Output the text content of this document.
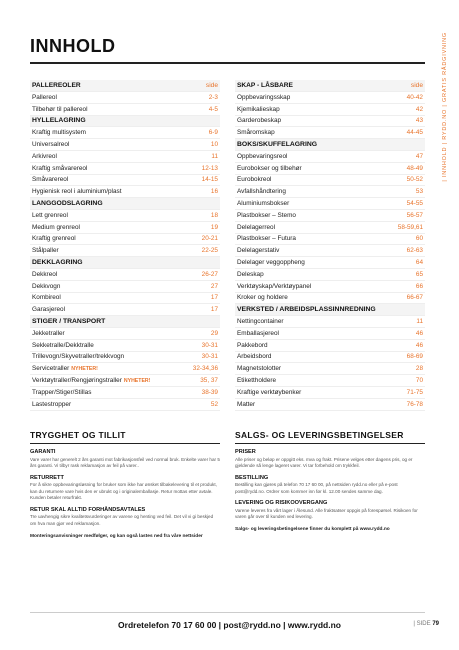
INNHOLD	| INNHOLD | RYDD.NO | GRATIS RÅDGIVNING
PALLEREOLER	side
Pallereol	2-3
Tilbehør til pallereol	4-5
HYLLELAGRING
Kraftig multisystem	6-9
Universalreol	10
Arkivreol	11
Kraftig småvarereol	12-13
Småvarereol	14-15
Hygienisk reol i aluminium/plast	16
LANGGODSLAGRING
Lett grenreol	18
Medium grenreol	19
Kraftig grenreol	20-21
Stålpaller	22-25
DEKKLAGRING
Dekkreol	26-27
Dekkvogn	27
Kombireol	17
Garasjereol	17
STIGER / TRANSPORT
Jekketraller	29
Sekketralle/Dekktralle	30-31
Trillevogn/Skyvetraller/trekkvogn	30-31
Servicetraller NYHETER!	32-34,36
Verktøytraller/Rengjøringstraller NYHETER!	35, 37
Trapper/Stiger/Stillas	38-39
Lastestropper	52
SKAP - LÅSBARE	side
Oppbevaringsskap	40-42
Kjemikalieskap	42
Garderobeskap	43
Småromskap	44-45
BOKS/SKUFFELAGRING
Oppbevaringsreol	47
Eurobokser og tilbehør	48-49
Eurobokreol	50-52
Avfallshåndtering	53
Aluminiumsbokser	54-55
Plastbokser – Stemo	56-57
Delelagerreol	58-59,61
Plastbokser – Futura	60
Delelagerstativ	62-63
Delelager veggoppheng	64
Deleskap	65
Verktøyskap/Verktøypanel	66
Kroker og holdere	66-67
VERKSTED / ARBEIDSPLASSINNREDNING
Nettingcontainer	11
Emballasjereol	46
Pakkebord	46
Arbeidsbord	68-69
Magnetstolotter	28
Etikettholdere	70
Kraftige verktøybenker	71-75
Matter	76-78
TRYGGHET OG TILLIT
GARANTI
Vare varer har generelt 2 års garanti mot fabrikasjonsfeil ved normal bruk. Enkelte varer har 5 års garanti. Vi tilbyr rask reklamasjon av feil på varer..
RETURRETT
For å sikre oppbevaringsløsning for bruker som ikke har ønsket tilbakelevering til et produkt, kan du returnere vare hvis den er ubrukt og i originalemballasje. Retur mottas etter avtale. Kunden betaler returfrakt.
RETUR SKAL ALLTID FORHÅNDSAVTALES
Tre uavhengig sikre kvalitetsvurderinger av varene og henting ved feil. Det vil vi gi beskjed om hva man gjør ved reklamasjon.
Monteringsanvisninger medfølger, og kan også lastes ned fra våre nettsider
SALGS- OG LEVERINGSBETINGELSER
PRISER
Alle priser og beløp er oppgitt eks. mva og frakt. Prisene velges etter dagens pris, og er gjeldende så lenge lageret varer. Vi tar forbehold om trykkfeil.
BESTILLING
Bestilling kan gjøres på telefon 70 17 60 00, på nettsiden rydd.no eller på e-post post@rydd.no. Ordrer som kommer inn før kl. 12.00 sendes samme dag.
LEVERING OG RISIKOOVERGANG
Varene leveres fra vårt lager i Ålesund. Alle fraktsatser oppgis på forespørsel. Risikoen for varen går over til kunden ved levering.
Salgs- og leveringsbetingelsene finner du komplett på www.rydd.no
Ordretelefon 70 17 60 00 | post@rydd.no | www.rydd.no	| SIDE 79
